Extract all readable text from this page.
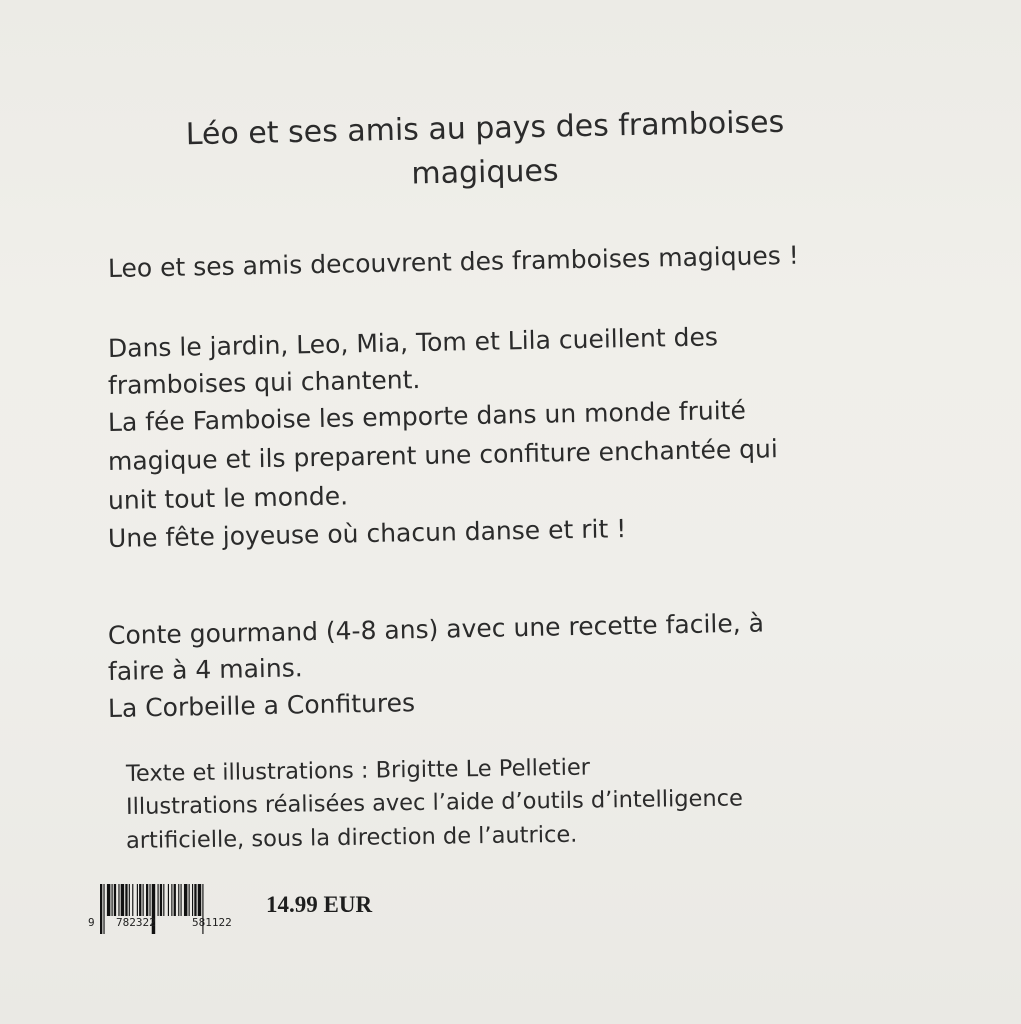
Léo et ses amis au pays des framboises
magiques
Leo et ses amis decouvrent des framboises magiques !
Dans le jardin, Leo, Mia, Tom et Lila cueillent des
framboises qui chantent.
La fée Famboise les emporte dans un monde fruité
magique et ils preparent une confiture enchantée qui
unit tout le monde.
Une fête joyeuse où chacun danse et rit !
Conte gourmand (4-8 ans) avec une recette facile, à
faire à 4 mains.
La Corbeille a Confitures
Texte et illustrations : Brigitte Le Pelletier
Illustrations réalisées avec l’aide d’outils d’intelligence
artificielle, sous la direction de l’autrice.
9 782322	581122
14.99 EUR
